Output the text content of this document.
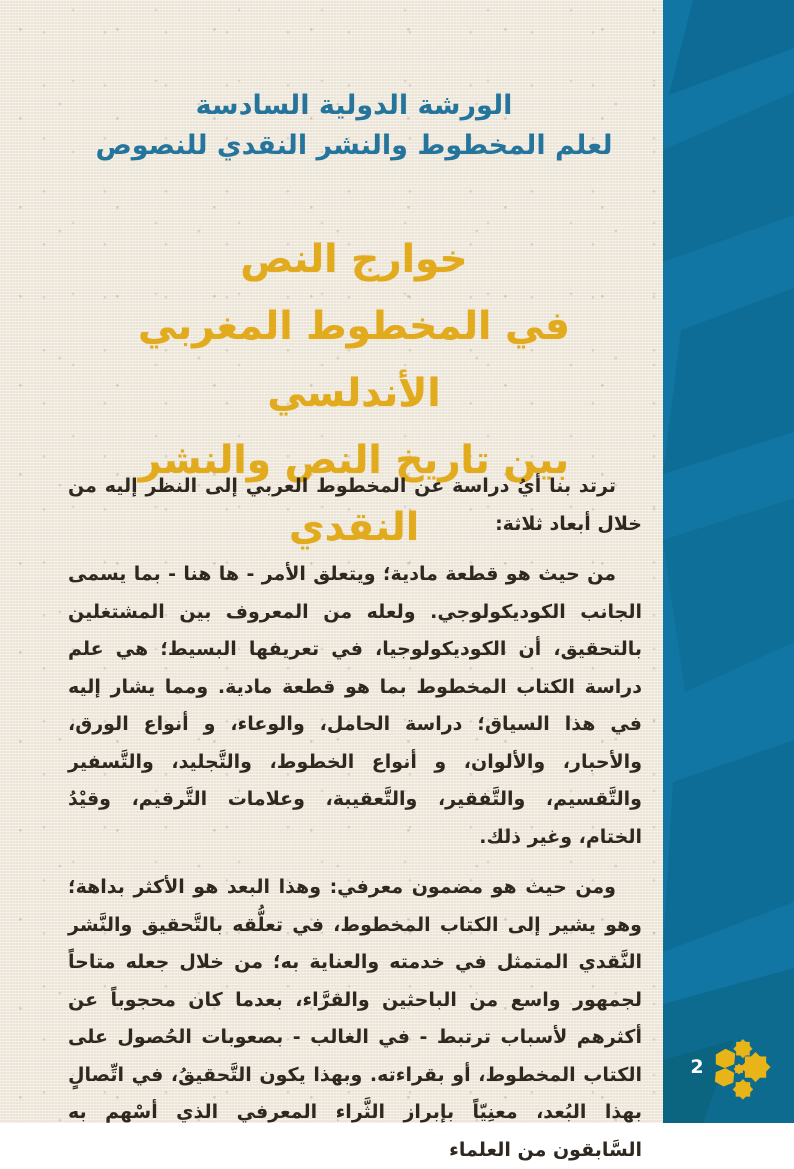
الورشة الدولية السادسة
لعلم المخطوط والنشر النقدي للنصوص
خوارج النص
في المخطوط المغربي الأندلسي
بين تاريخ النص والنشر النقدي

ترتد بنا أيُ دراسة عن المخطوط العربي إلى النظر إليه من خلال أبعاد ثلاثة:

من حيث هو قطعة مادية؛ ويتعلق الأمر - ها هنا - بما يسمى الجانب الكوديكولوجي. ولعله من المعروف بين المشتغلين بالتحقيق، أن الكوديكولوجيا، في تعريفها البسيط؛ هي علم دراسة الكتاب المخطوط بما هو قطعة مادية. ومما يشار إليه في هذا السياق؛ دراسة الحامل، والوعاء، و أنواع الورق، والأحبار، والألوان، و أنواع الخطوط، والتَّجليد، والتَّسفير والتَّقسيم، والتَّفقير، والتَّعقيبة، وعلامات التَّرقيم، وقيْدُ الختام، وغير ذلك.

ومن حيث هو مضمون معرفي: وهذا البعد هو الأكثر بداهة؛ وهو يشير إلى الكتاب المخطوط، في تعلُّقه بالتَّحقيق والنَّشر النَّقدي المتمثل في خدمته والعناية به؛ من خلال جعله متاحاً لجمهور واسع من الباحثين والقرَّاء، بعدما كان محجوباً عن أكثرهم لأسباب ترتبط - في الغالب - بصعوبات الحُصول على الكتاب المخطوط، أو بقراءته. وبهذا يكون التَّحقيقُ، في اتِّصالٍ بهذا البُعد، معنِيّاً بإبراز الثَّراء المعرفي الذي أسْهم به السَّابقون من العلماء

2
